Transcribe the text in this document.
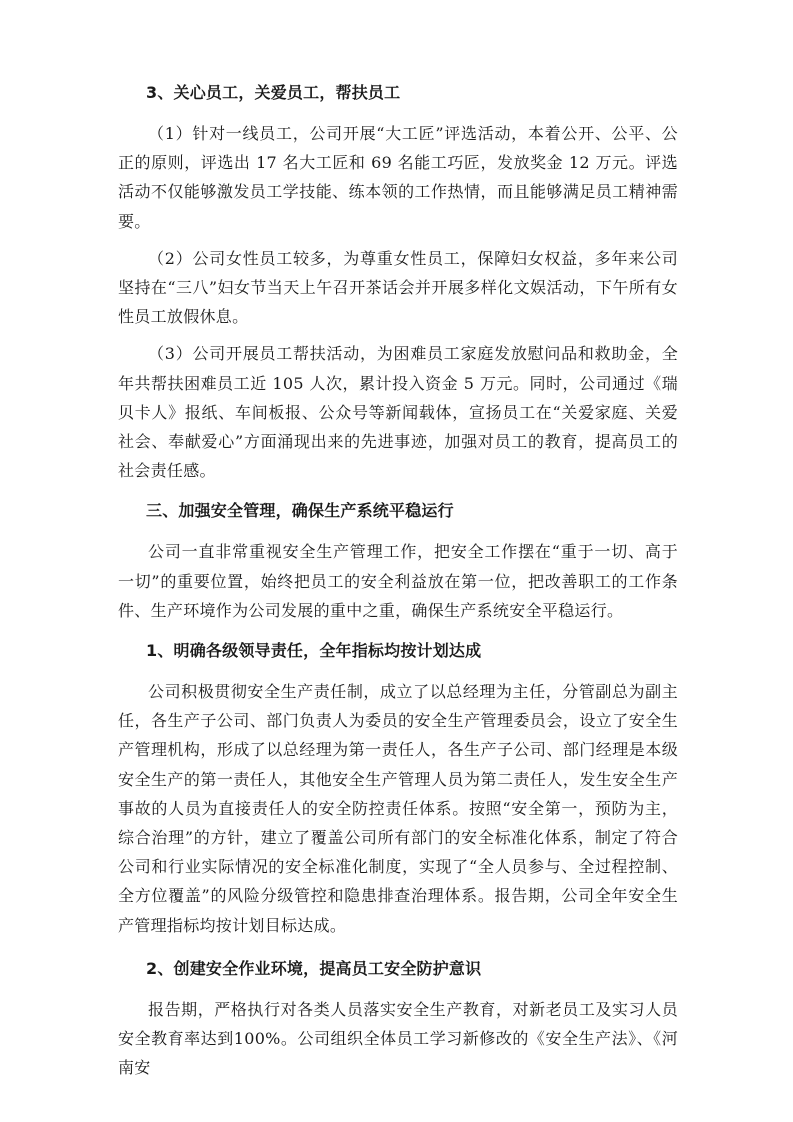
3、关心员工，关爱员工，帮扶员工

（1）针对一线员工，公司开展“大工匠”评选活动，本着公开、公平、公正的原则，评选出 17 名大工匠和 69 名能工巧匠，发放奖金 12 万元。评选活动不仅能够激发员工学技能、练本领的工作热情，而且能够满足员工精神需要。

（2）公司女性员工较多，为尊重女性员工，保障妇女权益，多年来公司坚持在“三八”妇女节当天上午召开茶话会并开展多样化文娱活动，下午所有女性员工放假休息。

（3）公司开展员工帮扶活动，为困难员工家庭发放慰问品和救助金，全年共帮扶困难员工近 105 人次，累计投入资金 5 万元。同时，公司通过《瑞贝卡人》报纸、车间板报、公众号等新闻载体，宣扬员工在“关爱家庭、关爱社会、奉献爱心”方面涌现出来的先进事迹，加强对员工的教育，提高员工的社会责任感。

三、加强安全管理，确保生产系统平稳运行

公司一直非常重视安全生产管理工作，把安全工作摆在“重于一切、高于一切”的重要位置，始终把员工的安全利益放在第一位，把改善职工的工作条件、生产环境作为公司发展的重中之重，确保生产系统安全平稳运行。

1、明确各级领导责任，全年指标均按计划达成

公司积极贯彻安全生产责任制，成立了以总经理为主任，分管副总为副主任，各生产子公司、部门负责人为委员的安全生产管理委员会，设立了安全生产管理机构，形成了以总经理为第一责任人，各生产子公司、部门经理是本级安全生产的第一责任人，其他安全生产管理人员为第二责任人，发生安全生产事故的人员为直接责任人的安全防控责任体系。按照“安全第一，预防为主，综合治理”的方针，建立了覆盖公司所有部门的安全标准化体系，制定了符合公司和行业实际情况的安全标准化制度，实现了“全人员参与、全过程控制、全方位覆盖”的风险分级管控和隐患排查治理体系。报告期，公司全年安全生产管理指标均按计划目标达成。

2、创建安全作业环境，提高员工安全防护意识

报告期，严格执行对各类人员落实安全生产教育，对新老员工及实习人员安全教育率达到100%。公司组织全体员工学习新修改的《安全生产法》、《河南安
